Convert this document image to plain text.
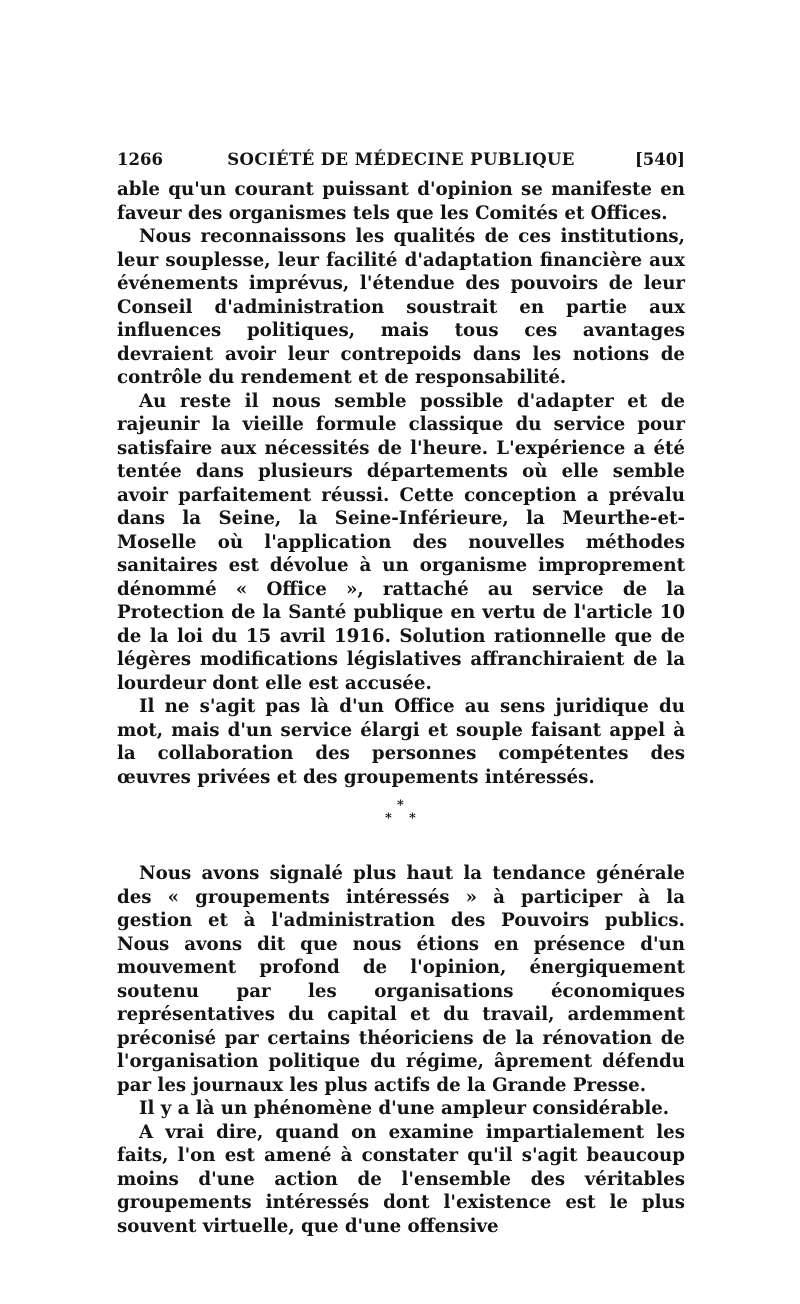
1266	SOCIÉTÉ DE MÉDECINE PUBLIQUE	[540]

able qu'un courant puissant d'opinion se manifeste en faveur des organismes tels que les Comités et Offices.

Nous reconnaissons les qualités de ces institutions, leur souplesse, leur facilité d'adaptation financière aux événements imprévus, l'étendue des pouvoirs de leur Conseil d'administration soustrait en partie aux influences politiques, mais tous ces avantages devraient avoir leur contrepoids dans les notions de contrôle du rendement et de responsabilité.

Au reste il nous semble possible d'adapter et de rajeunir la vieille formule classique du service pour satisfaire aux nécessités de l'heure. L'expérience a été tentée dans plusieurs départements où elle semble avoir parfaitement réussi. Cette conception a prévalu dans la Seine, la Seine-Inférieure, la Meurthe-et-Moselle où l'application des nouvelles méthodes sanitaires est dévolue à un organisme improprement dénommé « Office », rattaché au service de la Protection de la Santé publique en vertu de l'article 10 de la loi du 15 avril 1916. Solution rationnelle que de légères modifications législatives affranchiraient de la lourdeur dont elle est accusée.

Il ne s'agit pas là d'un Office au sens juridique du mot, mais d'un service élargi et souple faisant appel à la collaboration des personnes compétentes des œuvres privées et des groupements intéressés.

*
* *

Nous avons signalé plus haut la tendance générale des « groupements intéressés » à participer à la gestion et à l'administration des Pouvoirs publics. Nous avons dit que nous étions en présence d'un mouvement profond de l'opinion, énergiquement soutenu par les organisations économiques représentatives du capital et du travail, ardemment préconisé par certains théoriciens de la rénovation de l'organisation politique du régime, âprement défendu par les journaux les plus actifs de la Grande Presse.

Il y a là un phénomène d'une ampleur considérable.

A vrai dire, quand on examine impartialement les faits, l'on est amené à constater qu'il s'agit beaucoup moins d'une action de l'ensemble des véritables groupements intéressés dont l'existence est le plus souvent virtuelle, que d'une offensive
